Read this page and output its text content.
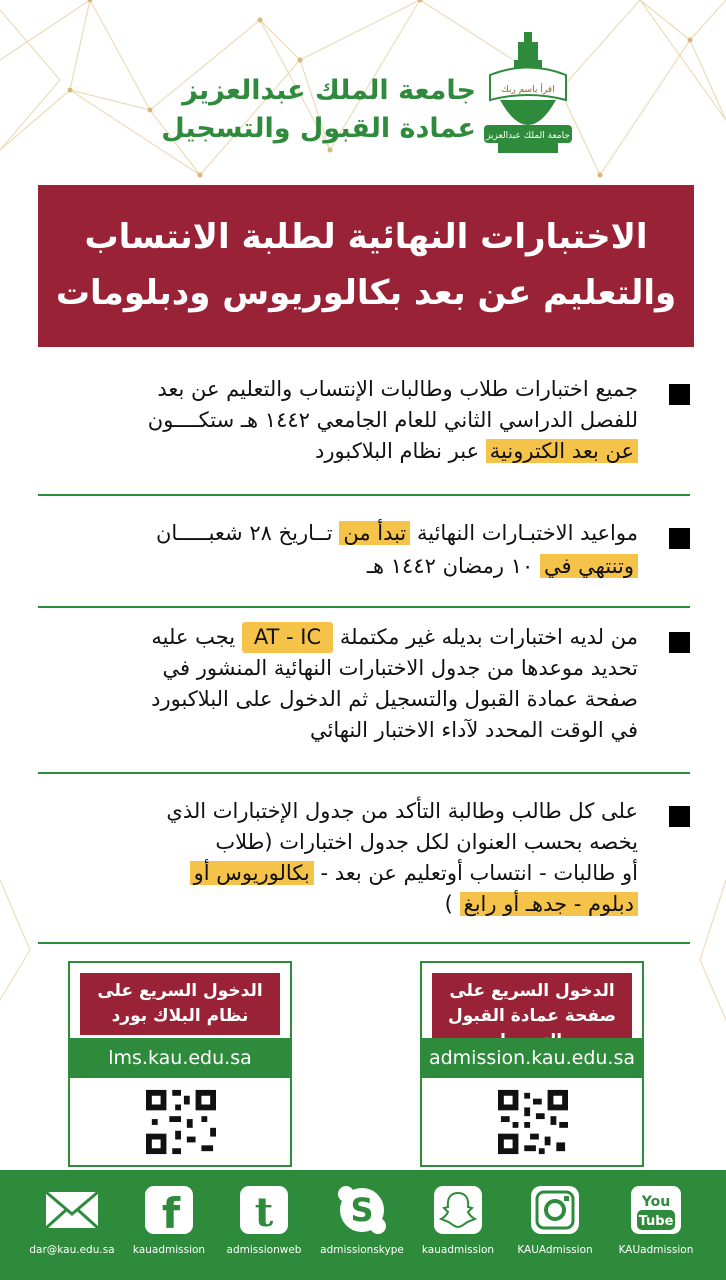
جامعة الملك عبدالعزيز
عمادة القبول والتسجيل
اقرأ باسم ربك
جامعة الملك عبدالعزيز
الاختبارات النهائية لطلبة الانتساب
والتعليم عن بعد بكالوريوس ودبلومات
جميع اختبارات طلاب وطالبات الإنتساب والتعليم عن بعد
للفصل الدراسي الثاني للعام الجامعي ١٤٤٢ هـ ستكــــون
عن بعد الكترونية عبر نظام البلاكبورد
مواعيد الاختبـارات النهائية تبدأ من تــاريخ ٢٨ شعبـــــان
وتنتهي في ١٠ رمضان ١٤٤٢ هـ
من لديه اختبارات بديله غير مكتملة AT - IC يجب عليه
تحديد موعدها من جدول الاختبارات النهائية المنشور في
صفحة عمادة القبول والتسجيل ثم الدخول على البلاكبورد
في الوقت المحدد لآداء الاختبار النهائي
على كل طالب وطالبة التأكد من جدول الإختبارات الذي
يخصه بحسب العنوان لكل جدول اختبارات (طلاب
أو طالبات - انتساب أوتعليم عن بعد - بكالوريوس أو
دبلوم - جدهـ أو رابغ )
الدخول السريع على صفحة عمادة القبول
admission.kau.edu.sa
الدخول السريع على نظام البلاك بورد
lms.kau.edu.sa
You
Tube
KAUadmission
KAUAdmission
kauadmission
S
admissionskype
t
admissionweb
f
kauadmission
dar@kau.edu.sa
